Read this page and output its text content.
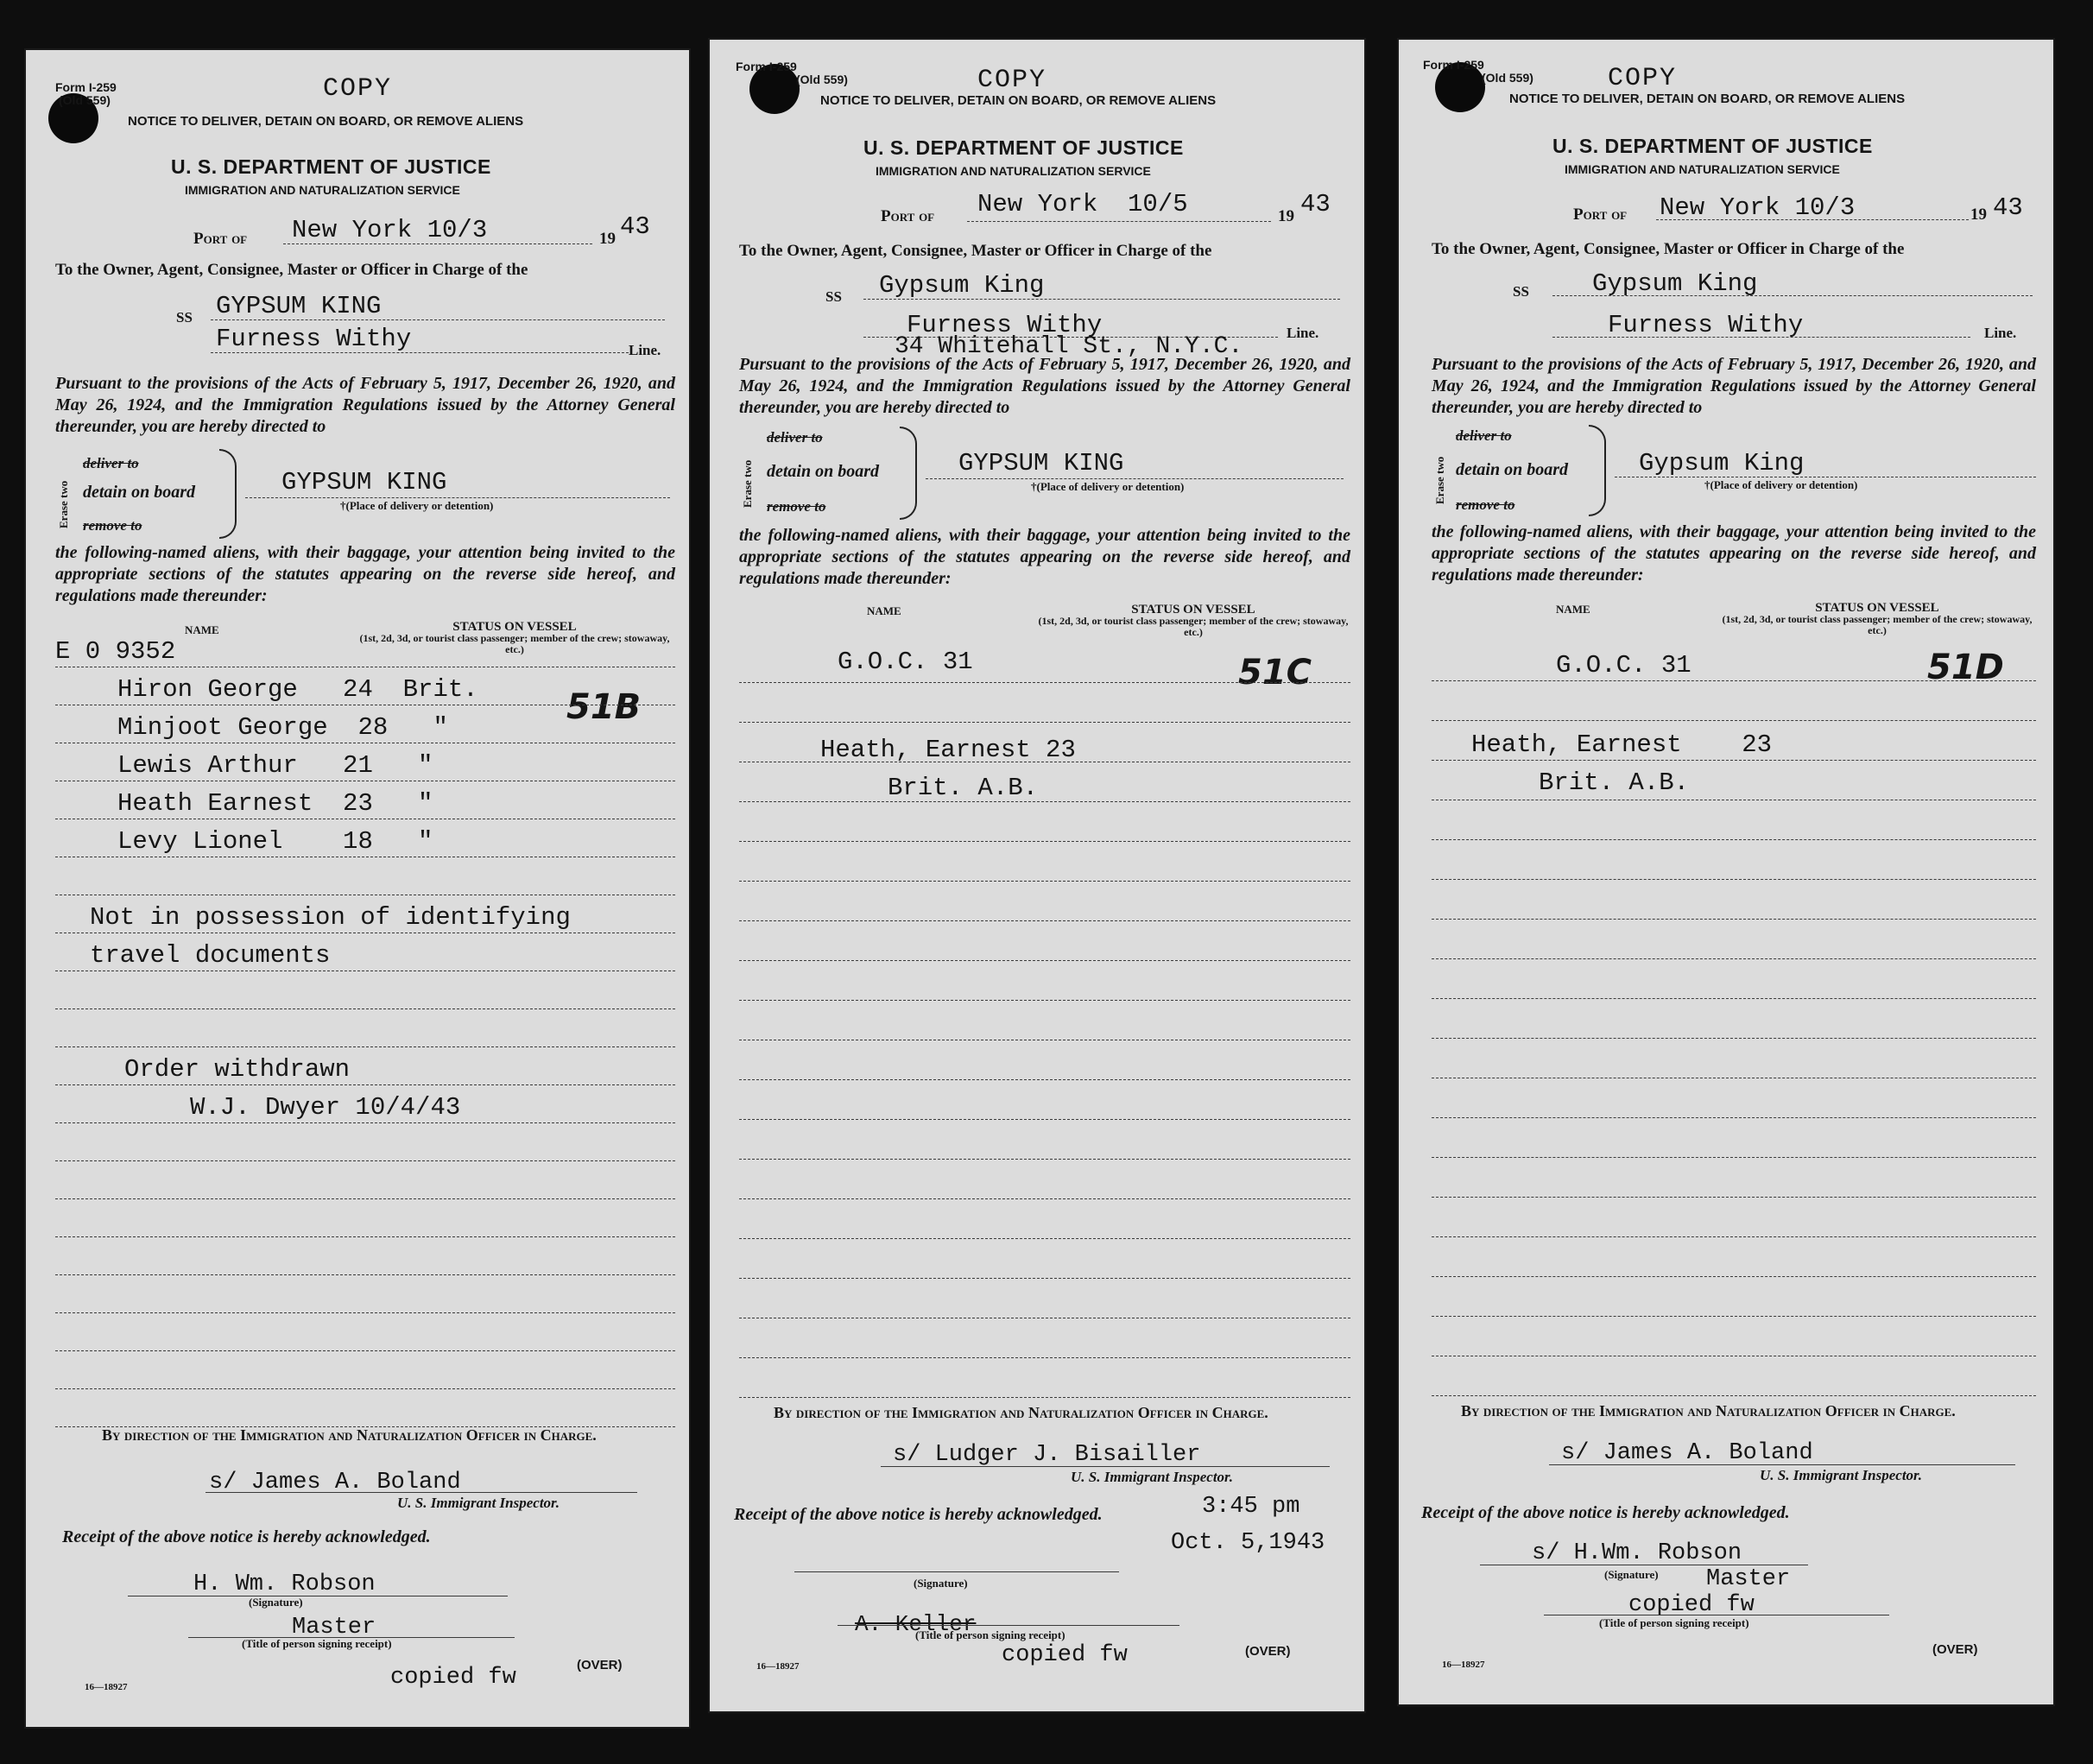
Form I-259
(Old 559)	COPY
NOTICE TO DELIVER, DETAIN ON BOARD, OR REMOVE ALIENS
U. S. DEPARTMENT OF JUSTICE
IMMIGRATION AND NATURALIZATION SERVICE
Port of New York 10/3	19 43
To the Owner, Agent, Consignee, Master or Officer in Charge of the
SS GYPSUM KING
Furness Withy	Line.
Pursuant to the provisions of the Acts of February 5, 1917, December 26, 1920, and May 26, 1924, and the Immigration Regulations issued by the Attorney General thereunder, you are hereby directed to
Erase two
deliver to
detain on board
remove to
GYPSUM KING
†(Place of delivery or detention)
the following-named aliens, with their baggage, your attention being invited to the appropriate sections of the statutes appearing on the reverse side hereof, and regulations made thereunder:
NAME	STATUS ON VESSEL
(1st, 2d, 3d, or tourist class passenger; member of the crew; stowaway, etc.)
E 0 9352
51B
Hiron George   24  Brit.
Minjoot George  28   "
Lewis Arthur   21   "
Heath Earnest  23   "
Levy Lionel    18   "
Not in possession of identifying
travel documents
Order withdrawn
W.J. Dwyer 10/4/43
By direction of the Immigration and Naturalization Officer in Charge.
s/ James A. Boland
U. S. Immigrant Inspector.
Receipt of the above notice is hereby acknowledged.
H. Wm. Robson
(Signature)
Master
(Title of person signing receipt)
16—18927	copied fw	(OVER)
Form I-259
(Old 559)	COPY
NOTICE TO DELIVER, DETAIN ON BOARD, OR REMOVE ALIENS
U. S. DEPARTMENT OF JUSTICE
IMMIGRATION AND NATURALIZATION SERVICE
Port of New York  10/5	19 43
To the Owner, Agent, Consignee, Master or Officer in Charge of the
SS Gypsum King
Furness Withy	Line.
34 Whitehall St., N.Y.C.
Pursuant to the provisions of the Acts of February 5, 1917, December 26, 1920, and May 26, 1924, and the Immigration Regulations issued by the Attorney General thereunder, you are hereby directed to
Erase two
deliver to
detain on board
remove to
GYPSUM KING
†(Place of delivery or detention)
the following-named aliens, with their baggage, your attention being invited to the appropriate sections of the statutes appearing on the reverse side hereof, and regulations made thereunder:
NAME	STATUS ON VESSEL
(1st, 2d, 3d, or tourist class passenger; member of the crew; stowaway, etc.)
G.O.C. 31	51C
Heath, Earnest 23
Brit. A.B.
By direction of the Immigration and Naturalization Officer in Charge.
s/ Ludger J. Bisailler
U. S. Immigrant Inspector.
Receipt of the above notice is hereby acknowledged.	3:45 pm
Oct. 5,1943
(Signature)
A. Keller
(Title of person signing receipt)
16—18927	copied fw	(OVER)
Form I-259
(Old 559)	COPY
NOTICE TO DELIVER, DETAIN ON BOARD, OR REMOVE ALIENS
U. S. DEPARTMENT OF JUSTICE
IMMIGRATION AND NATURALIZATION SERVICE
Port of New York 10/3	19 43
To the Owner, Agent, Consignee, Master or Officer in Charge of the
SS	Gypsum King
Furness Withy	Line.
Pursuant to the provisions of the Acts of February 5, 1917, December 26, 1920, and May 26, 1924, and the Immigration Regulations issued by the Attorney General thereunder, you are hereby directed to
Erase two
deliver to
detain on board
remove to
Gypsum King
†(Place of delivery or detention)
the following-named aliens, with their baggage, your attention being invited to the appropriate sections of the statutes appearing on the reverse side hereof, and regulations made thereunder:
NAME	STATUS ON VESSEL
(1st, 2d, 3d, or tourist class passenger; member of the crew; stowaway, etc.)
G.O.C. 31	51D
Heath, Earnest    23
Brit. A.B.
By direction of the Immigration and Naturalization Officer in Charge.
s/ James A. Boland
U. S. Immigrant Inspector.
Receipt of the above notice is hereby acknowledged.
s/ H.Wm. Robson
(Signature) Master
copied fw
(Title of person signing receipt)
16—18927
(OVER)
